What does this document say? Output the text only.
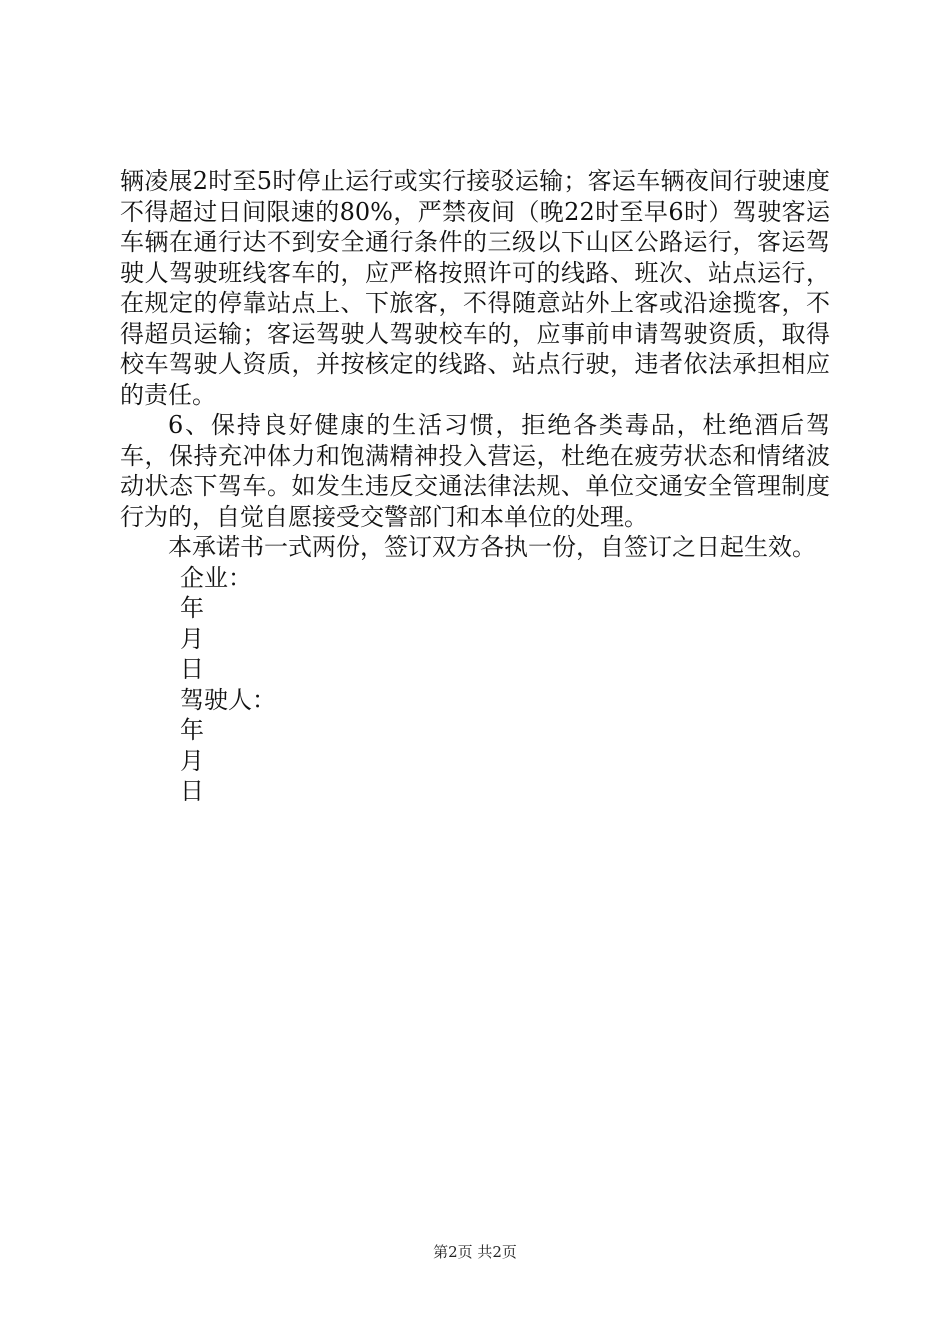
辆凌展2时至5时停止运行或实行接驳运输；客运车辆夜间行驶速度不得超过日间限速的80%，严禁夜间（晚22时至早6时）驾驶客运车辆在通行达不到安全通行条件的三级以下山区公路运行，客运驾驶人驾驶班线客车的，应严格按照许可的线路、班次、站点运行，在规定的停靠站点上、下旅客，不得随意站外上客或沿途揽客，不得超员运输；客运驾驶人驾驶校车的，应事前申请驾驶资质，取得校车驾驶人资质，并按核定的线路、站点行驶，违者依法承担相应的责任。

6、保持良好健康的生活习惯，拒绝各类毒品，杜绝酒后驾车，保持充冲体力和饱满精神投入营运，杜绝在疲劳状态和情绪波动状态下驾车。如发生违反交通法律法规、单位交通安全管理制度行为的，自觉自愿接受交警部门和本单位的处理。

本承诺书一式两份，签订双方各执一份，自签订之日起生效。

企业：

年

月

日

驾驶人：

年

月

日

第2页 共2页
